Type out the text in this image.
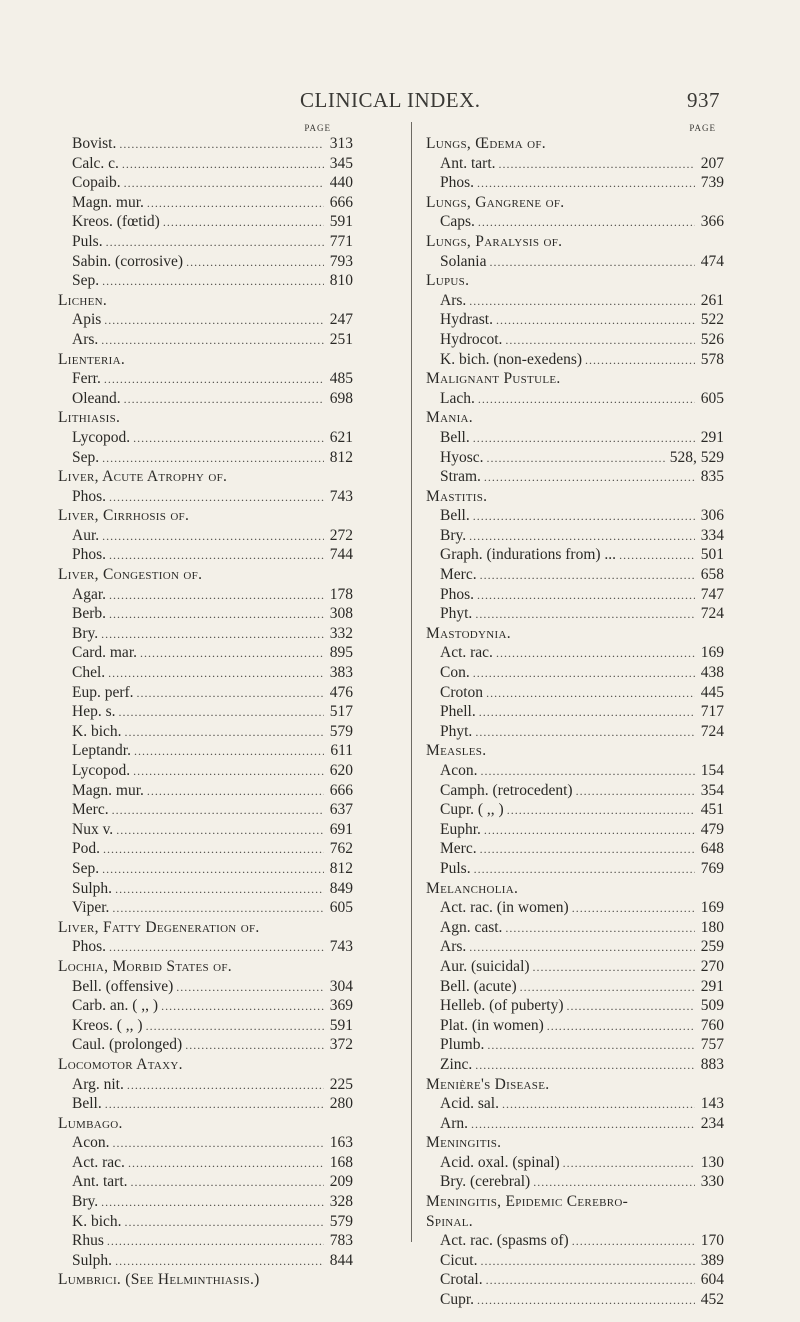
CLINICAL INDEX.	937
PAGE
Bovist. .....	313
Calc. c. .....	345
Copaib. .....	440
Magn. mur. .....	666
Kreos. (fœtid) .....	591
Puls. .....	771
Sabin. (corrosive) .....	793
Sep. .....	810
Lichen.
Apis .....	247
Ars. .....	251
Lienteria.
Ferr. .....	485
Oleand. .....	698
Lithiasis.
Lycopod. .....	621
Sep. .....	812
Liver, Acute Atrophy of.
Phos. .....	743
Liver, Cirrhosis of.
Aur. .....	272
Phos. .....	744
Liver, Congestion of.
Agar. .....	178
Berb. .....	308
Bry. .....	332
Card. mar. .....	895
Chel. .....	383
Eup. perf. .....	476
Hep. s. .....	517
K. bich. .....	579
Leptandr. .....	611
Lycopod. .....	620
Magn. mur. .....	666
Merc. .....	637
Nux v. .....	691
Pod. .....	762
Sep. .....	812
Sulph. .....	849
Viper. .....	605
Liver, Fatty Degeneration of.
Phos. .....	743
Lochia, Morbid States of.
Bell. (offensive) .....	304
Carb. an. ( ,, ) .....	369
Kreos. ( ,, ) .....	591
Caul. (prolonged) .....	372
Locomotor Ataxy.
Arg. nit. .....	225
Bell. .....	280
Lumbago.
Acon. .....	163
Act. rac. .....	168
Ant. tart. .....	209
Bry. .....	328
K. bich. .....	579
Rhus .....	783
Sulph. .....	844
Lumbrici. (See Helminthiasis.)
PAGE
Lungs, Œdema of.
Ant. tart. .....	207
Phos. .....	739
Lungs, Gangrene of.
Caps. .....	366
Lungs, Paralysis of.
Solania .....	474
Lupus.
Ars. .....	261
Hydrast. .....	522
Hydrocot. .....	526
K. bich. (non-exedens) .....	578
Malignant Pustule.
Lach. .....	605
Mania.
Bell. .....	291
Hyosc. .....	528, 529
Stram. .....	835
Mastitis.
Bell. .....	306
Bry. .....	334
Graph. (indurations from) ... .....	501
Merc. .....	658
Phos. .....	747
Phyt. .....	724
Mastodynia.
Act. rac. .....	169
Con. .....	438
Croton .....	445
Phell. .....	717
Phyt. .....	724
Measles.
Acon. .....	154
Camph. (retrocedent) .....	354
Cupr. ( ,, ) .....	451
Euphr. .....	479
Merc. .....	648
Puls. .....	769
Melancholia.
Act. rac. (in women) .....	169
Agn. cast. .....	180
Ars. .....	259
Aur. (suicidal) .....	270
Bell. (acute) .....	291
Helleb. (of puberty) .....	509
Plat. (in women) .....	760
Plumb. .....	757
Zinc. .....	883
Menière's Disease.
Acid. sal. .....	143
Arn. .....	234
Meningitis.
Acid. oxal. (spinal) .....	130
Bry. (cerebral) .....	330
Meningitis, Epidemic Cerebro-
Spinal.
Act. rac. (spasms of) .....	170
Cicut. .....	389
Crotal. .....	604
Cupr. .....	452
